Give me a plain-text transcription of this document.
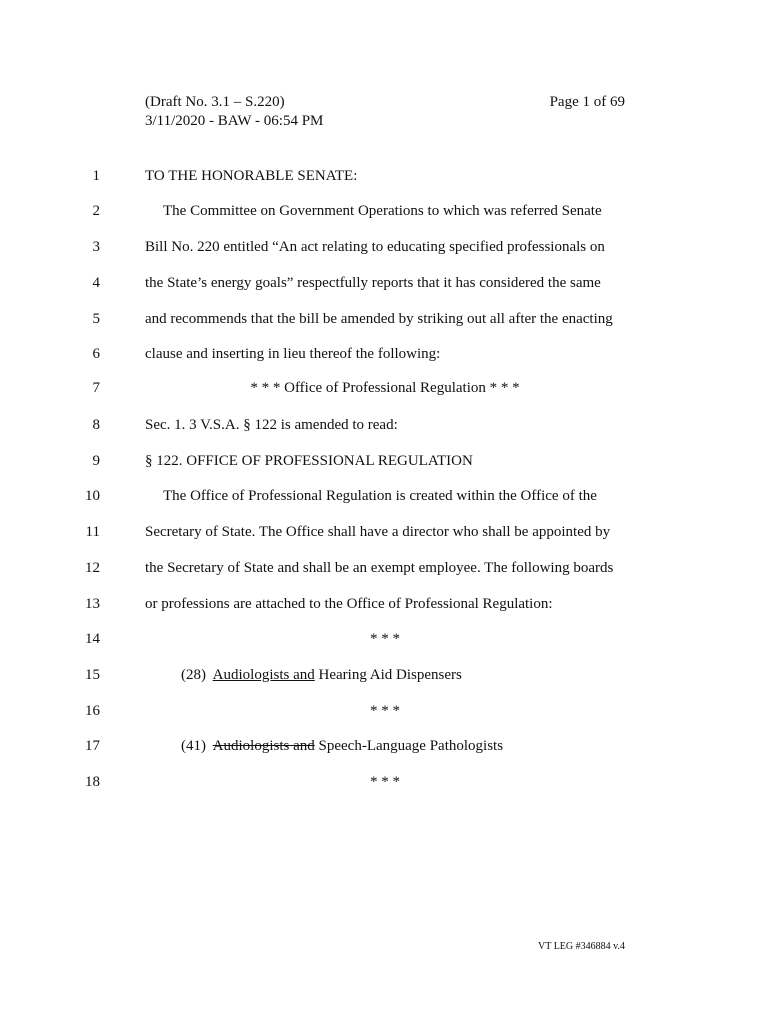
(Draft No. 3.1 – S.220)
3/11/2020 - BAW - 06:54 PM
Page 1 of 69
1	TO THE HONORABLE SENATE:
2	The Committee on Government Operations to which was referred Senate
3	Bill No. 220 entitled “An act relating to educating specified professionals on
4	the State’s energy goals” respectfully reports that it has considered the same
5	and recommends that the bill be amended by striking out all after the enacting
6	clause and inserting in lieu thereof the following:
7	* * * Office of Professional Regulation * * *
8	Sec. 1. 3 V.S.A. § 122 is amended to read:
9	§ 122. OFFICE OF PROFESSIONAL REGULATION
10	The Office of Professional Regulation is created within the Office of the
11	Secretary of State. The Office shall have a director who shall be appointed by
12	the Secretary of State and shall be an exempt employee. The following boards
13	or professions are attached to the Office of Professional Regulation:
14	* * *
15	(28)  Audiologists and Hearing Aid Dispensers
16	* * *
17	(41)  Audiologists and Speech-Language Pathologists
18	* * *
VT LEG #346884 v.4
